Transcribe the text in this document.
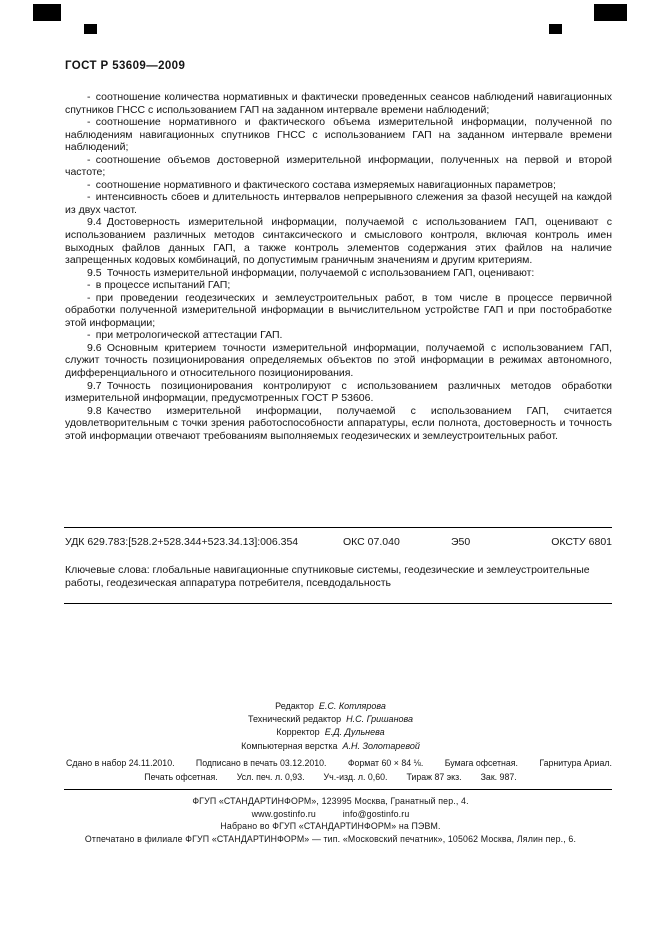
ГОСТ Р 53609—2009

- соотношение количества нормативных и фактически проведенных сеансов наблюдений навигационных спутников ГНСС с использованием ГАП на заданном интервале времени наблюдений;

- соотношение нормативного и фактического объема измерительной информации, полученной по наблюдениям навигационных спутников ГНСС с использованием ГАП на заданном интервале времени наблюдений;

- соотношение объемов достоверной измерительной информации, полученных на первой и второй частоте;

- соотношение нормативного и фактического состава измеряемых навигационных параметров;

- интенсивность сбоев и длительность интервалов непрерывного слежения за фазой несущей на каждой из двух частот.

9.4 Достоверность измерительной информации, получаемой с использованием ГАП, оценивают с использованием различных методов синтаксического и смыслового контроля, включая контроль имен выходных файлов данных ГАП, а также контроль элементов содержания этих файлов на наличие запрещенных кодовых комбинаций, по допустимым граничным значениям и другим критериям.

9.5 Точность измерительной информации, получаемой с использованием ГАП, оценивают:

- в процессе испытаний ГАП;

- при проведении геодезических и землеустроительных работ, в том числе в процессе первичной обработки полученной измерительной информации в вычислительном устройстве ГАП и при постобработке этой информации;

- при метрологической аттестации ГАП.

9.6 Основным критерием точности измерительной информации, получаемой с использованием ГАП, служит точность позиционирования определяемых объектов по этой информации в режимах автономного, дифференциального и относительного позиционирования.

9.7 Точность позиционирования контролируют с использованием различных методов обработки измерительной информации, предусмотренных ГОСТ Р 53606.

9.8 Качество измерительной информации, получаемой с использованием ГАП, считается удовлетворительным с точки зрения работоспособности аппаратуры, если полнота, достоверность и точность этой информации отвечают требованиям выполняемых геодезических и землеустроительных работ.

УДК 629.783:[528.2+528.344+523.34.13]:006.354	ОКС 07.040	Э50	ОКСТУ 6801
Ключевые слова: глобальные навигационные спутниковые системы, геодезические и землеустроительные работы, геодезическая аппаратура потребителя, псевдодальность
Редактор Е.С. Котлярова
Технический редактор Н.С. Гришанова
Корректор Е.Д. Дульнева
Компьютерная верстка А.Н. Золотаревой
Сдано в набор 24.11.2010. Подписано в печать 03.12.2010. Формат 60 × 84 ⅛. Бумага офсетная. Гарнитура Ариал.
Печать офсетная. Усл. печ. л. 0,93. Уч.-изд. л. 0,60. Тираж 87 экз. Зак. 987.
ФГУП «СТАНДАРТИНФОРМ», 123995 Москва, Гранатный пер., 4.
www.gostinfo.ru   info@gostinfo.ru
Набрано во ФГУП «СТАНДАРТИНФОРМ» на ПЭВМ.
Отпечатано в филиале ФГУП «СТАНДАРТИНФОРМ» — тип. «Московский печатник», 105062 Москва, Лялин пер., 6.
